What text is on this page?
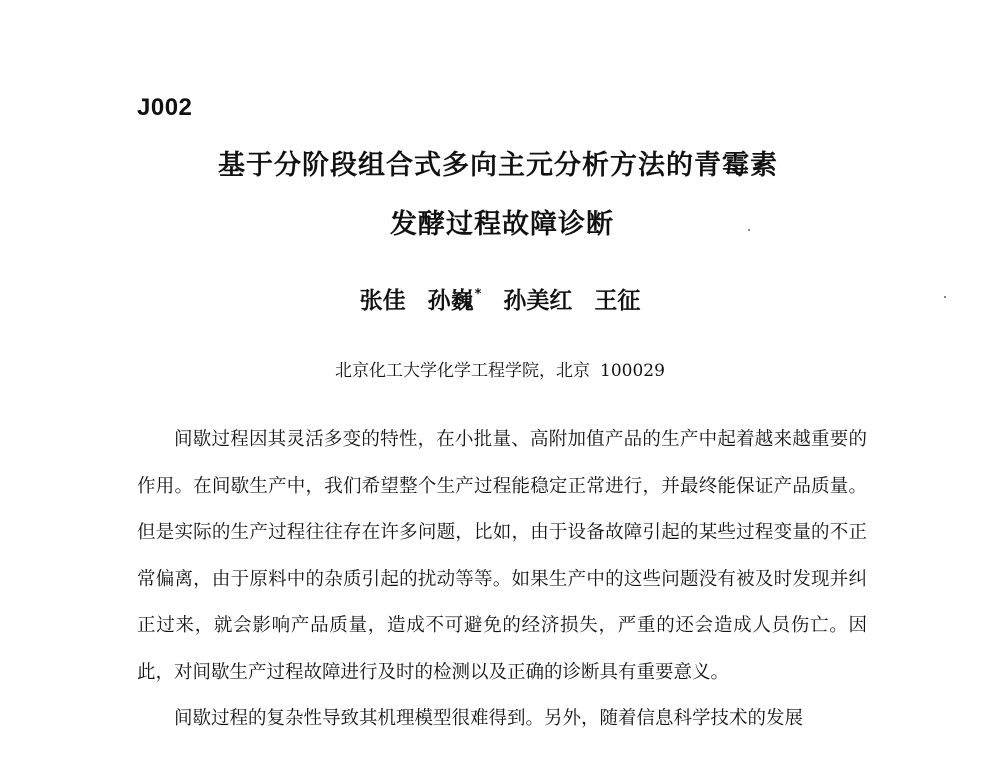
J002
基于分阶段组合式多向主元分析方法的青霉素
发酵过程故障诊断
张佳 孙巍* 孙美红 王征
北京化工大学化学工程学院，北京 100029

间歇过程因其灵活多变的特性，在小批量、高附加值产品的生产中起着越来越重要的作用。在间歇生产中，我们希望整个生产过程能稳定正常进行，并最终能保证产品质量。但是实际的生产过程往往存在许多问题，比如，由于设备故障引起的某些过程变量的不正常偏离，由于原料中的杂质引起的扰动等等。如果生产中的这些问题没有被及时发现并纠正过来，就会影响产品质量，造成不可避免的经济损失，严重的还会造成人员伤亡。因此，对间歇生产过程故障进行及时的检测以及正确的诊断具有重要意义。

间歇过程的复杂性导致其机理模型很难得到。另外，随着信息科学技术的发展
